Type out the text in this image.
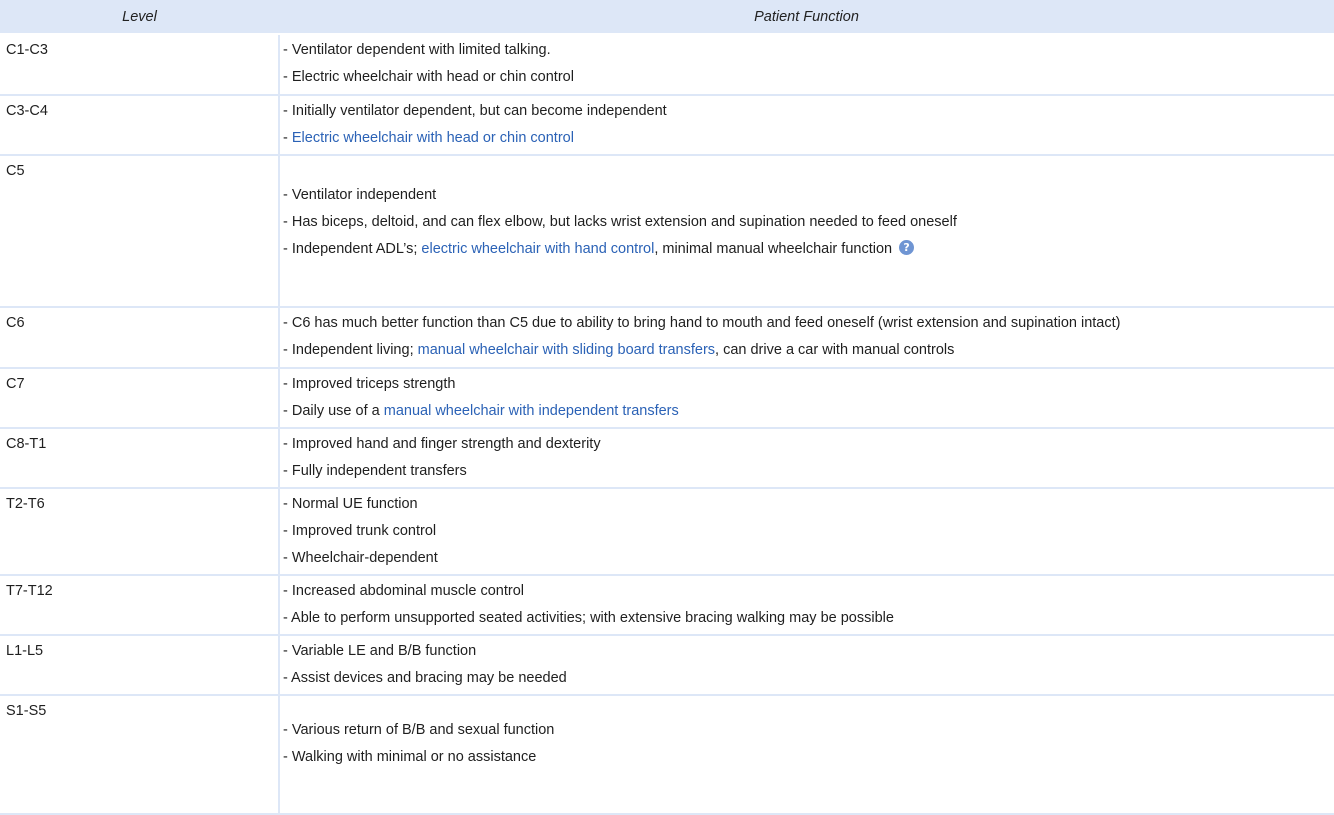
Level	Patient Function
C1-C3	- Ventilator dependent with limited talking.
- Electric wheelchair with head or chin control

C3-C4	- Initially ventilator dependent, but can become independent
- Electric wheelchair with head or chin control

C5	- Ventilator independent
- Has biceps, deltoid, and can flex elbow, but lacks wrist extension and supination needed to feed oneself
- Independent ADL’s; electric wheelchair with hand control, minimal manual wheelchair function ?

C6	- C6 has much better function than C5 due to ability to bring hand to mouth and feed oneself (wrist extension and supination intact)
- Independent living; manual wheelchair with sliding board transfers, can drive a car with manual controls

C7	- Improved triceps strength
- Daily use of a manual wheelchair with independent transfers

C8-T1	- Improved hand and finger strength and dexterity
- Fully independent transfers

T2-T6	- Normal UE function
- Improved trunk control
- Wheelchair-dependent

T7-T12	- Increased abdominal muscle control
- Able to perform unsupported seated activities; with extensive bracing walking may be possible

L1-L5	- Variable LE and B/B function
- Assist devices and bracing may be needed

S1-S5	- Various return of B/B and sexual function
- Walking with minimal or no assistance
